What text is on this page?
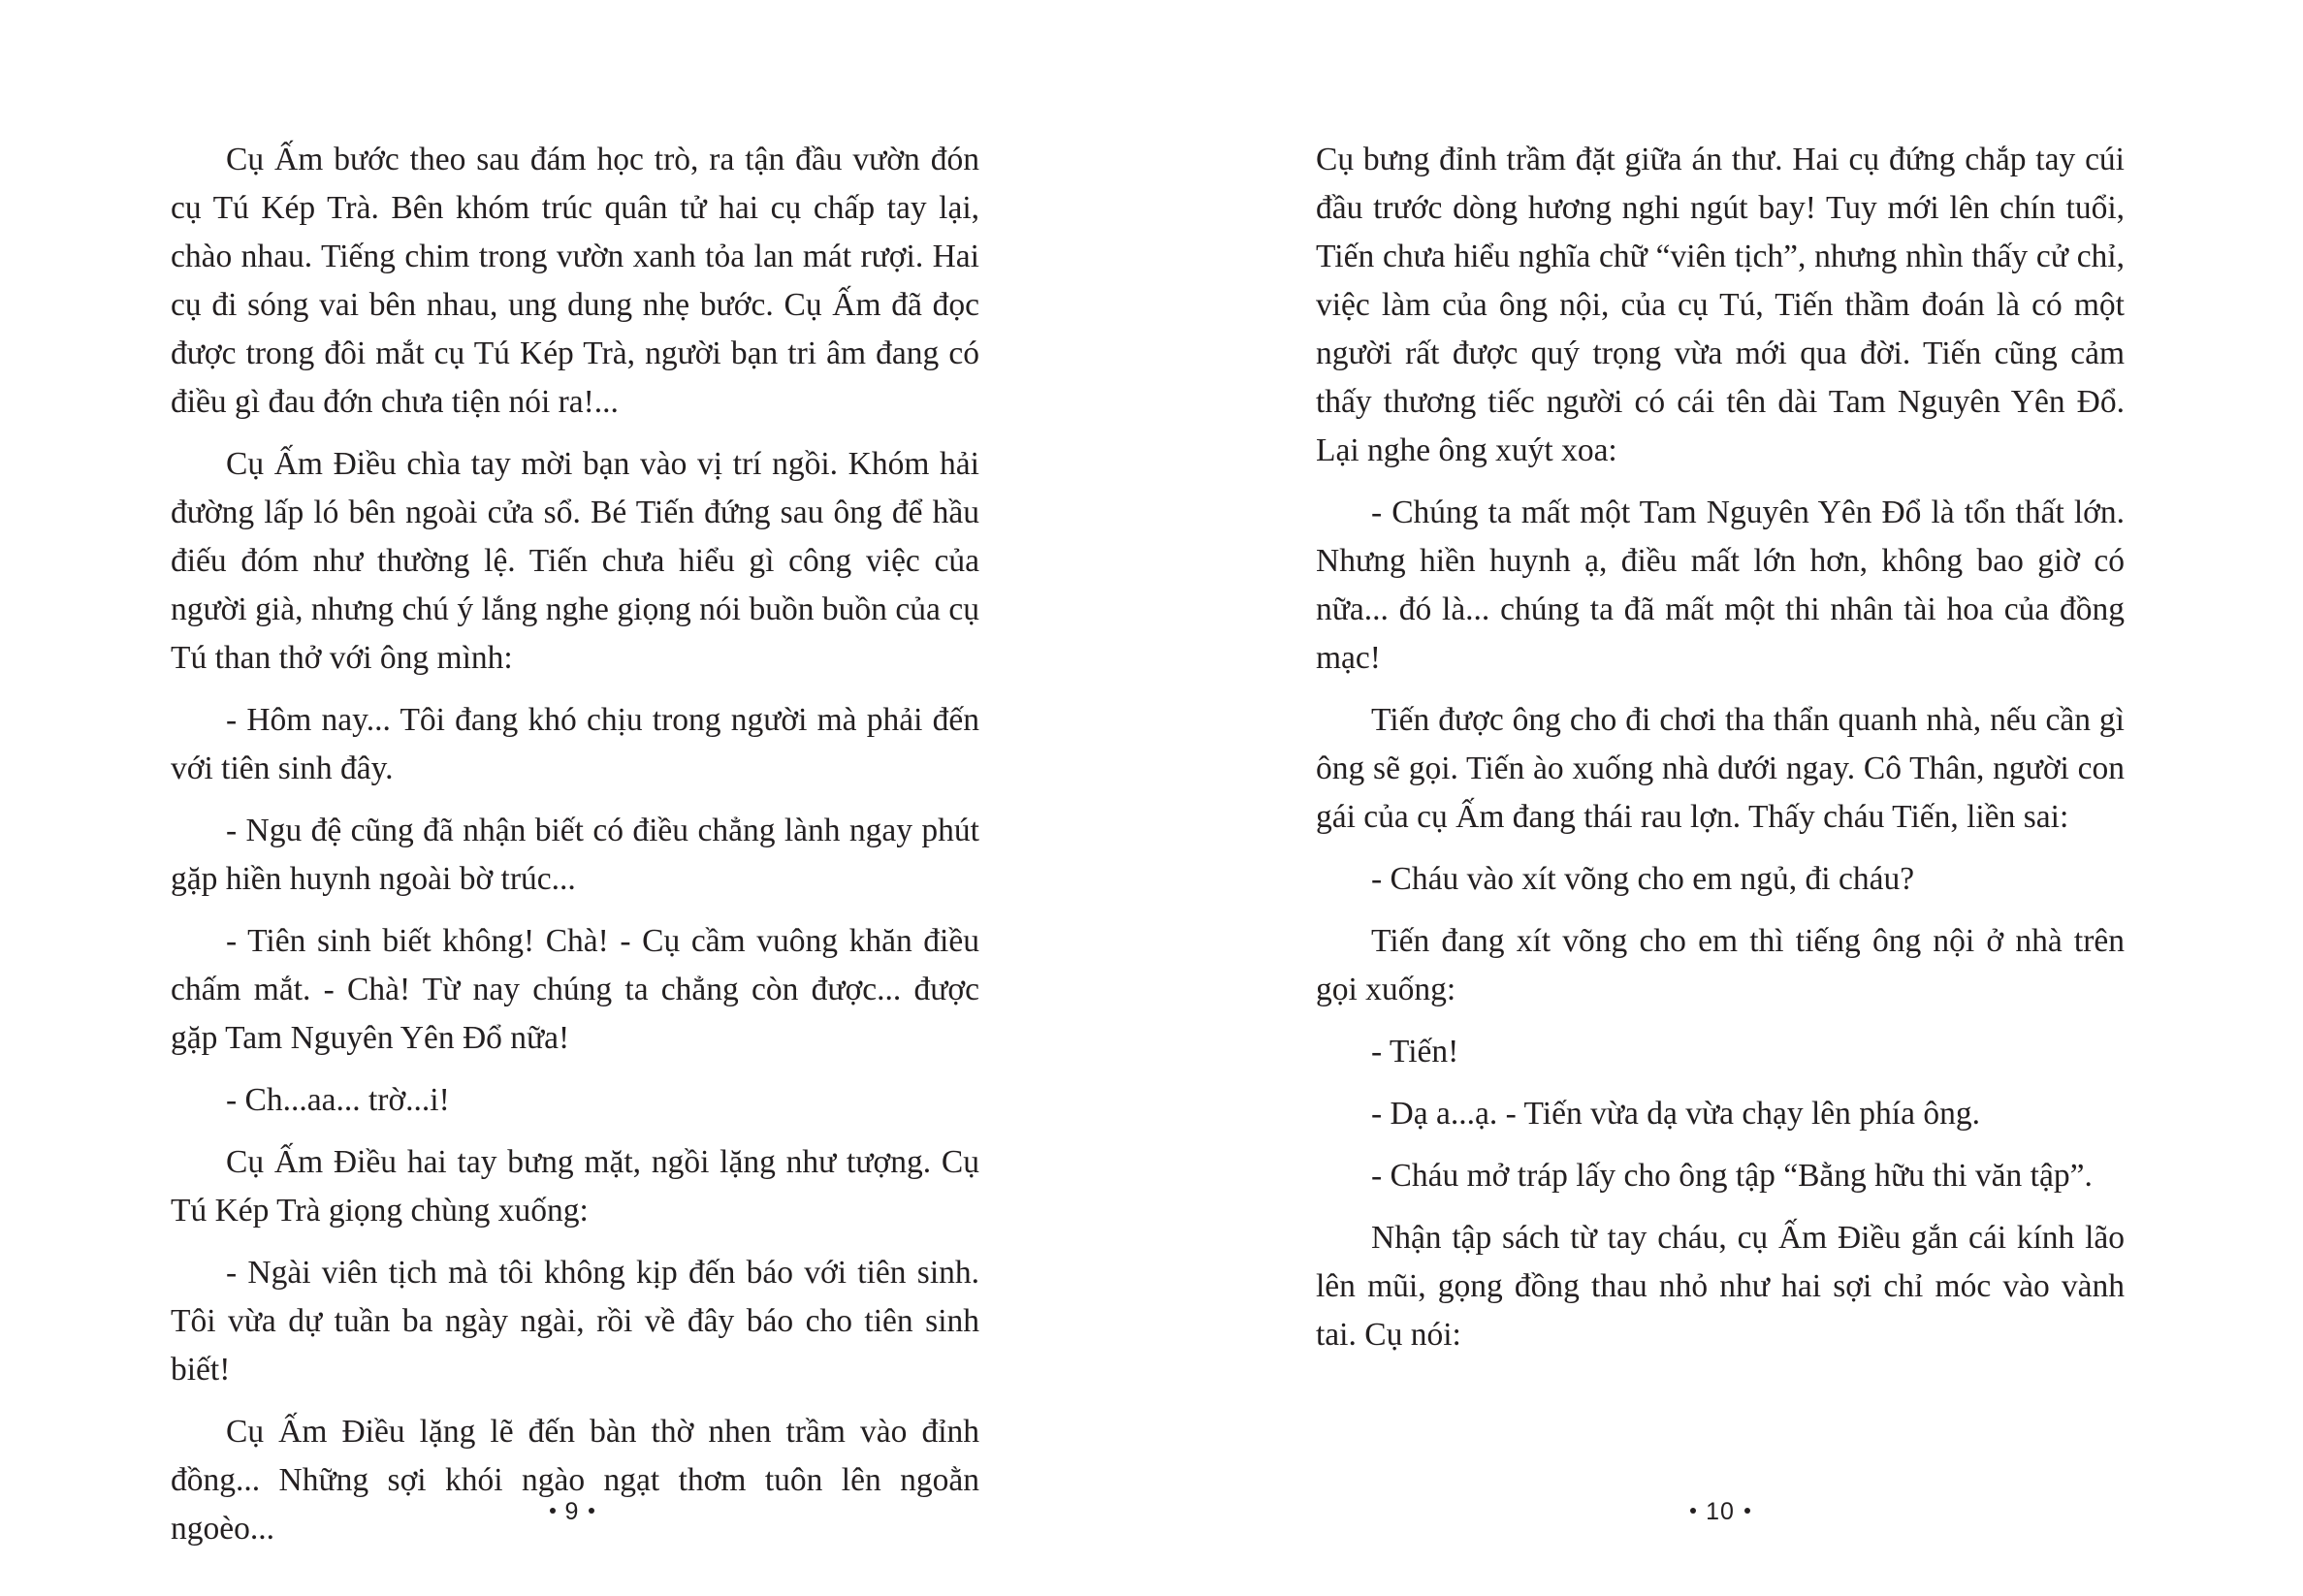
Cụ Ấm bước theo sau đám học trò, ra tận đầu vườn đón cụ Tú Kép Trà. Bên khóm trúc quân tử hai cụ chấp tay lại, chào nhau. Tiếng chim trong vườn xanh tỏa lan mát rượi. Hai cụ đi sóng vai bên nhau, ung dung nhẹ bước. Cụ Ấm đã đọc được trong đôi mắt cụ Tú Kép Trà, người bạn tri âm đang có điều gì đau đớn chưa tiện nói ra!...

Cụ Ấm Điều chìa tay mời bạn vào vị trí ngồi. Khóm hải đường lấp ló bên ngoài cửa sổ. Bé Tiến đứng sau ông để hầu điếu đóm như thường lệ. Tiến chưa hiểu gì công việc của người già, nhưng chú ý lắng nghe giọng nói buồn buồn của cụ Tú than thở với ông mình:

- Hôm nay... Tôi đang khó chịu trong người mà phải đến với tiên sinh đây.

- Ngu đệ cũng đã nhận biết có điều chẳng lành ngay phút gặp hiền huynh ngoài bờ trúc...

- Tiên sinh biết không! Chà! - Cụ cầm vuông khăn điều chấm mắt. - Chà! Từ nay chúng ta chẳng còn được... được gặp Tam Nguyên Yên Đổ nữa!

- Ch...aa... trờ...i!

Cụ Ấm Điều hai tay bưng mặt, ngồi lặng như tượng. Cụ Tú Kép Trà giọng chùng xuống:

- Ngài viên tịch mà tôi không kịp đến báo với tiên sinh. Tôi vừa dự tuần ba ngày ngài, rồi về đây báo cho tiên sinh biết!

Cụ Ấm Điều lặng lẽ đến bàn thờ nhen trầm vào đỉnh đồng... Những sợi khói ngào ngạt thơm tuôn lên ngoằn ngoèo...	9

Cụ bưng đỉnh trầm đặt giữa án thư. Hai cụ đứng chắp tay cúi đầu trước dòng hương nghi ngút bay! Tuy mới lên chín tuổi, Tiến chưa hiểu nghĩa chữ “viên tịch”, nhưng nhìn thấy cử chỉ, việc làm của ông nội, của cụ Tú, Tiến thầm đoán là có một người rất được quý trọng vừa mới qua đời. Tiến cũng cảm thấy thương tiếc người có cái tên dài Tam Nguyên Yên Đổ. Lại nghe ông xuýt xoa:

- Chúng ta mất một Tam Nguyên Yên Đổ là tổn thất lớn. Nhưng hiền huynh ạ, điều mất lớn hơn, không bao giờ có nữa... đó là... chúng ta đã mất một thi nhân tài hoa của đồng mạc!

Tiến được ông cho đi chơi tha thẩn quanh nhà, nếu cần gì ông sẽ gọi. Tiến ào xuống nhà dưới ngay. Cô Thân, người con gái của cụ Ấm đang thái rau lợn. Thấy cháu Tiến, liền sai:

- Cháu vào xít võng cho em ngủ, đi cháu?

Tiến đang xít võng cho em thì tiếng ông nội ở nhà trên gọi xuống:

- Tiến!

- Dạ a...ạ. - Tiến vừa dạ vừa chạy lên phía ông.

- Cháu mở tráp lấy cho ông tập “Bằng hữu thi văn tập”.

Nhận tập sách từ tay cháu, cụ Ấm Điều gắn cái kính lão lên mũi, gọng đồng thau nhỏ như hai sợi chỉ móc vào vành tai. Cụ nói:

10
